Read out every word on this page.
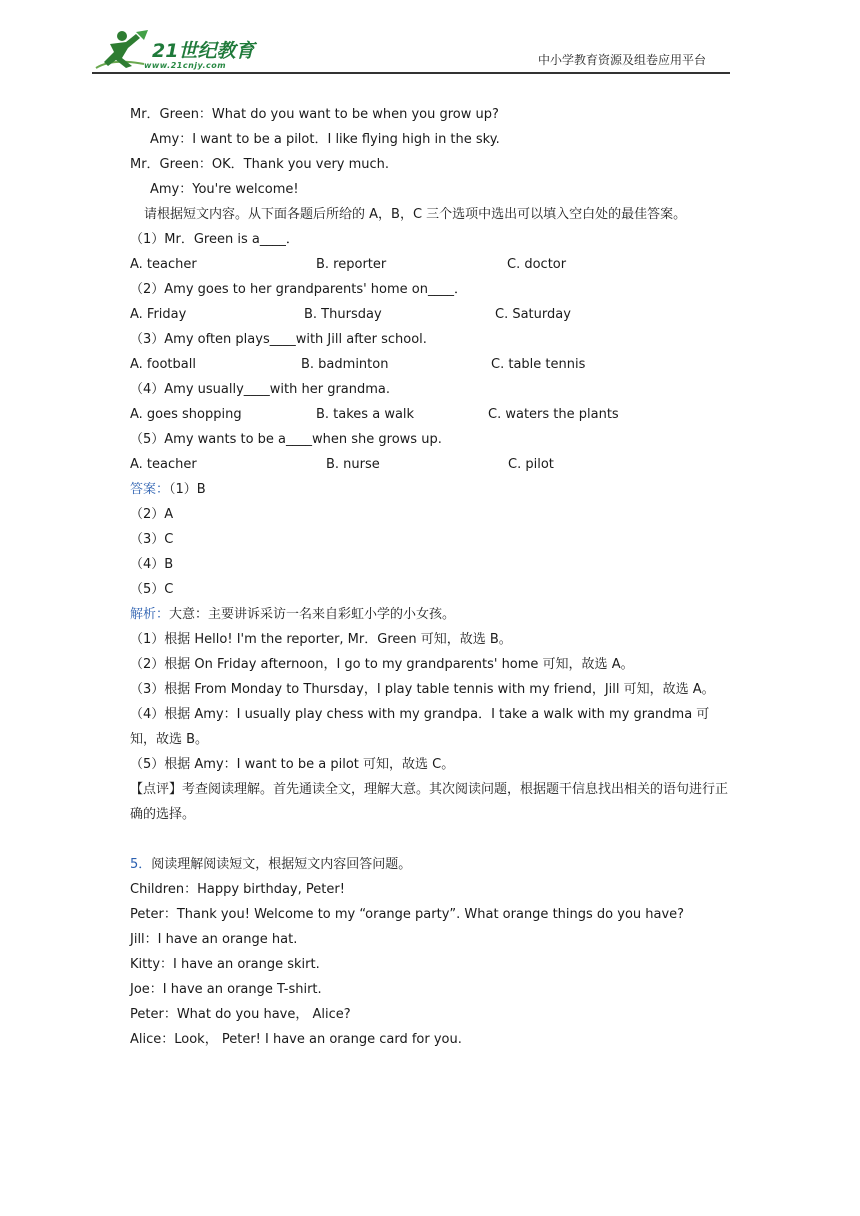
21世纪教育
www.21cnjy.com	中小学教育资源及组卷应用平台
Mr．Green：What do you want to be when you grow up?
Amy：I want to be a pilot．I like flying high in the sky.
Mr．Green：OK．Thank you very much.
Amy：You're welcome!
请根据短文内容。从下面各题后所给的 A，B，C 三个选项中选出可以填入空白处的最佳答案。
（1）Mr．Green is a____．
A. teacher	B. reporter	C. doctor
（2）Amy goes to her grandparents' home on____．
A. Friday	B. Thursday	C. Saturday
（3）Amy often plays____with Jill after school.
A. football	B. badminton	C. table tennis
（4）Amy usually____with her grandma.
A. goes shopping	B. takes a walk	C. waters the plants
（5）Amy wants to be a____when she grows up.
A. teacher	B. nurse	C. pilot
答案：（1）B
（2）A
（3）C
（4）B
（5）C
解析：大意：主要讲诉采访一名来自彩虹小学的小女孩。
（1）根据 Hello! I'm the reporter, Mr．Green 可知，故选 B。
（2）根据 On Friday afternoon，I go to my grandparents' home 可知，故选 A。
（3）根据 From Monday to Thursday，I play table tennis with my friend，Jill 可知，故选 A。
（4）根据 Amy：I usually play chess with my grandpa．I take a walk with my grandma 可知，故选 B。
（5）根据 Amy：I want to be a pilot 可知，故选 C。
【点评】考查阅读理解。首先通读全文，理解大意。其次阅读问题，根据题干信息找出相关的语句进行正确的选择。
5．阅读理解阅读短文，根据短文内容回答问题。
Children：Happy birthday, Peter!
Peter：Thank you! Welcome to my “orange party”. What orange things do you have?
Jill：I have an orange hat.
Kitty：I have an orange skirt.
Joe：I have an orange T-shirt.
Peter：What do you have， Alice?
Alice：Look， Peter! I have an orange card for you.
